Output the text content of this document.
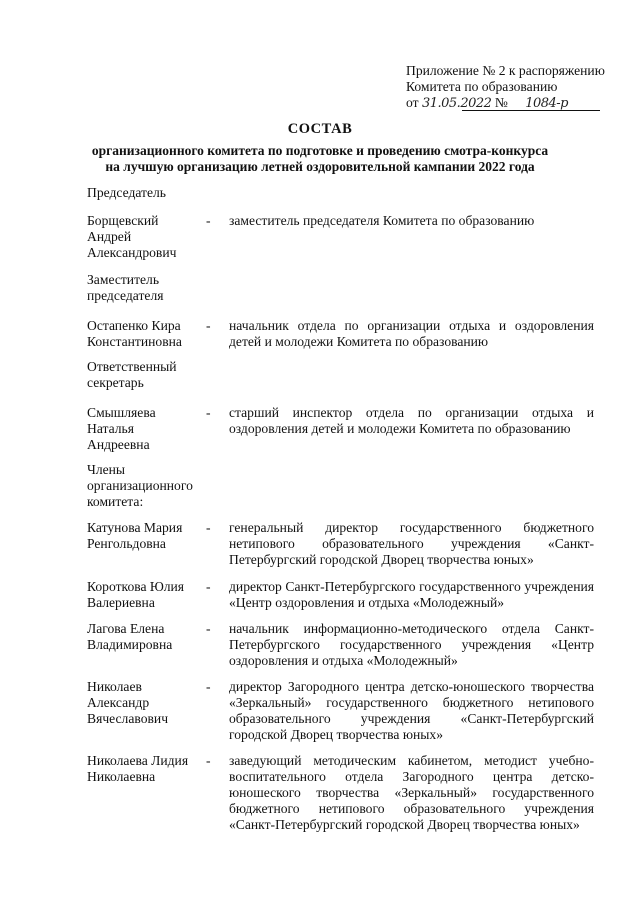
Приложение № 2 к распоряжению
Комитета по образованию
от 31.05.2022 № 1084-р
СОСТАВ
организационного комитета по подготовке и проведению смотра-конкурса
на лучшую организацию летней оздоровительной кампании 2022 года
Председатель
Борщевский Андрей Александрович
- заместитель председателя Комитета по образованию
Заместитель председателя
Остапенко Кира Константиновна
- начальник отдела по организации отдыха и оздоровления детей и молодежи Комитета по образованию
Ответственный секретарь
Смышляева Наталья Андреевна
- старший инспектор отдела по организации отдыха и оздоровления детей и молодежи Комитета по образованию
Члены организационного комитета:
Катунова Мария Ренгольдовна
- генеральный директор государственного бюджетного нетипового образовательного учреждения «Санкт-Петербургский городской Дворец творчества юных»
Короткова Юлия Валериевна
- директор Санкт-Петербургского государственного учреждения «Центр оздоровления и отдыха «Молодежный»
Лагова Елена Владимировна
- начальник информационно-методического отдела Санкт-Петербургского государственного учреждения «Центр оздоровления и отдыха «Молодежный»
Николаев Александр Вячеславович
- директор Загородного центра детско-юношеского творчества «Зеркальный» государственного бюджетного нетипового образовательного учреждения «Санкт-Петербургский городской Дворец творчества юных»
Николаева Лидия Николаевна
- заведующий методическим кабинетом, методист учебно-воспитательного отдела Загородного центра детско-юношеского творчества «Зеркальный» государственного бюджетного нетипового образовательного учреждения «Санкт-Петербургский городской Дворец творчества юных»
